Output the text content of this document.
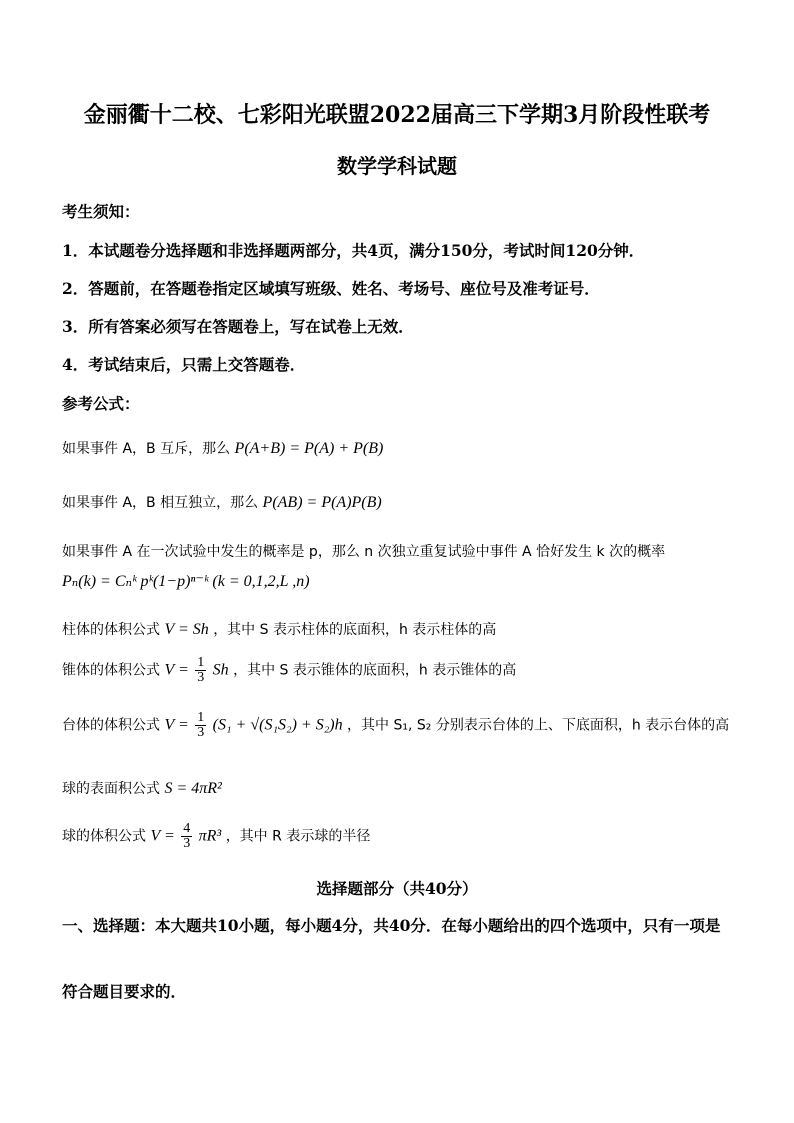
金丽衢十二校、七彩阳光联盟2022届高三下学期3月阶段性联考
数学学科试题
考生须知：
1．本试题卷分选择题和非选择题两部分，共4页，满分150分，考试时间120分钟．
2．答题前，在答题卷指定区域填写班级、姓名、考场号、座位号及准考证号．
3．所有答案必须写在答题卷上，写在试卷上无效．
4．考试结束后，只需上交答题卷．
参考公式：
如果事件 A，B 互斥，那么 P(A+B) = P(A) + P(B)
如果事件 A，B 相互独立，那么 P(AB) = P(A)P(B)
如果事件 A 在一次试验中发生的概率是 p，那么 n 次独立重复试验中事件 A 恰好发生 k 次的概率
Pₙ(k) = Cₙᵏ pᵏ(1−p)ⁿ⁻ᵏ (k = 0,1,2,L ,n)
柱体的体积公式 V = Sh ，其中 S 表示柱体的底面积，h 表示柱体的高
锥体的体积公式 $V = \frac{1}{3}$ Sh ，其中 S 表示锥体的底面积，h 表示锥体的高
台体的体积公式 $V = \frac{1}{3} (S_1 + √(S_1S_2) + S_2)h$ ，其中 S₁, S₂ 分别表示台体的上、下底面积，h 表示台体的高
球的表面积公式 S = 4πR²
球的体积公式 $V = \frac{4}{3} \pi R^3$ ，其中 R 表示球的半径
选择题部分（共40分）
一、选择题：本大题共10小题，每小题4分，共40分．在每小题给出的四个选项中，只有一项是
符合题目要求的．
